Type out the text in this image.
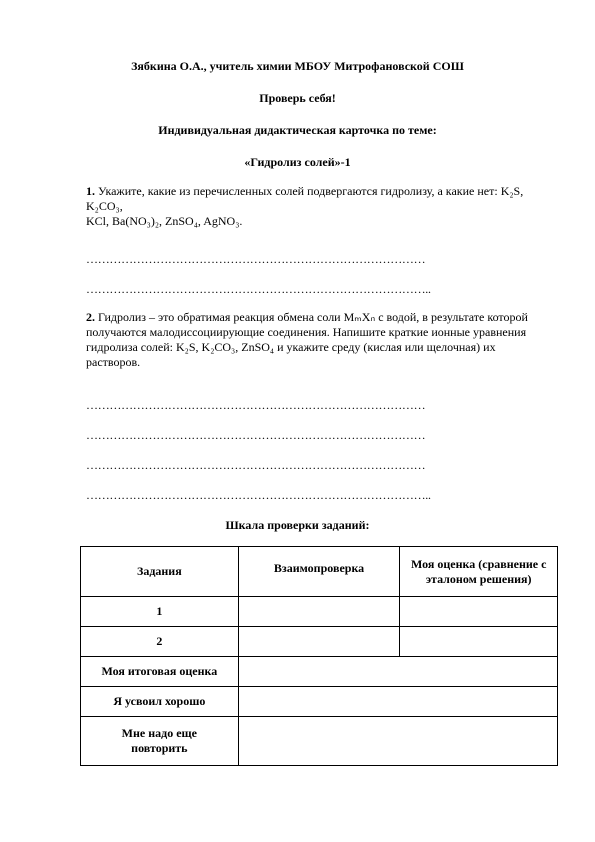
Зябкина О.А., учитель химии МБОУ Митрофановской СОШ
Проверь себя!
Индивидуальная дидактическая карточка по теме:
«Гидролиз солей»-1
1. Укажите, какие из перечисленных солей подвергаются гидролизу, а какие нет: K₂S, K₂CO₃,
KCl, Ba(NO₃)₂, ZnSO₄, AgNO₃.
……………………………………………………………………………
……………………………………………………………………………..
2. Гидролиз – это обратимая реакция обмена соли MₘXₙ с водой, в результате которой получаются малодиссоциирующие соединения. Напишите краткие ионные уравнения гидролиза солей: K₂S, K₂CO₃, ZnSO₄ и укажите среду (кислая или щелочная) их растворов.
……………………………………………………………………………
……………………………………………………………………………
……………………………………………………………………………
……………………………………………………………………………..
Шкала проверки заданий:
Задания	Взаимопроверка	Моя оценка (сравнение с эталоном решения)
1		
2		
Моя итоговая оценка		
Я усвоил хорошо		
Мне надо еще повторить		
